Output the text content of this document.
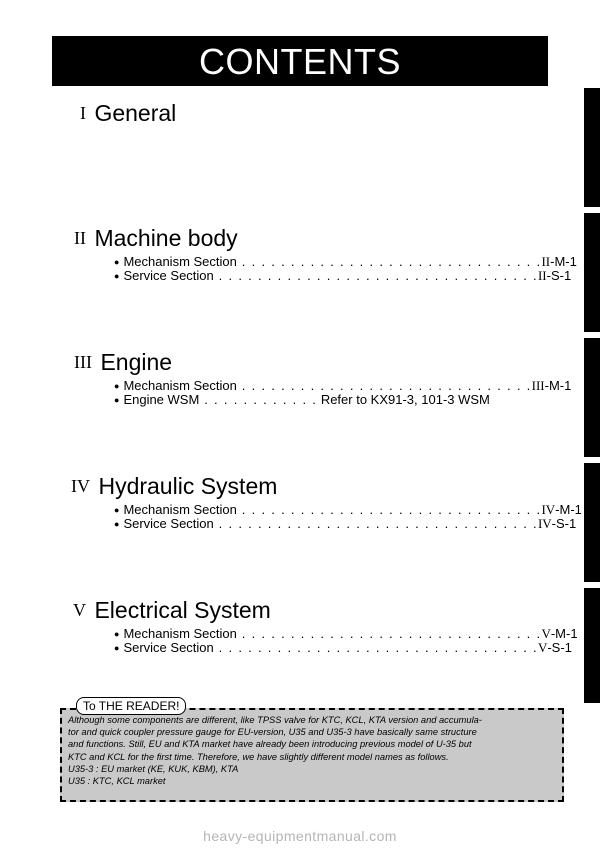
CONTENTS
I General
II Machine body
● Mechanism Section . . . . . . . . . . . . . . . . . . . . . . . . . . . . . . .II-M-1
● Service Section . . . . . . . . . . . . . . . . . . . . . . . . . . . . . . . . .II-S-1
III Engine
● Mechanism Section . . . . . . . . . . . . . . . . . . . . . . . . . . . . . .III-M-1
● Engine WSM . . . . . . . . . . . . Refer to KX91-3, 101-3 WSM
IV Hydraulic System
● Mechanism Section . . . . . . . . . . . . . . . . . . . . . . . . . . . . . . .IV-M-1
● Service Section . . . . . . . . . . . . . . . . . . . . . . . . . . . . . . . . .IV-S-1
V Electrical System
● Mechanism Section . . . . . . . . . . . . . . . . . . . . . . . . . . . . . . .V-M-1
● Service Section . . . . . . . . . . . . . . . . . . . . . . . . . . . . . . . . .V-S-1
To THE READER!

Although some components are different, like TPSS valve for KTC, KCL, KTA version and accumula-

tor and quick coupler pressure gauge for EU-version, U35 and U35-3 have basically same structure

and functions. Still, EU and KTA market have already been introducing previous model of U-35 but

KTC and KCL for the first time. Therefore, we have slightly different model names as follows.

U35-3 : EU market (KE, KUK, KBM), KTA

U35 : KTC, KCL market

heavy-equipmentmanual.com
